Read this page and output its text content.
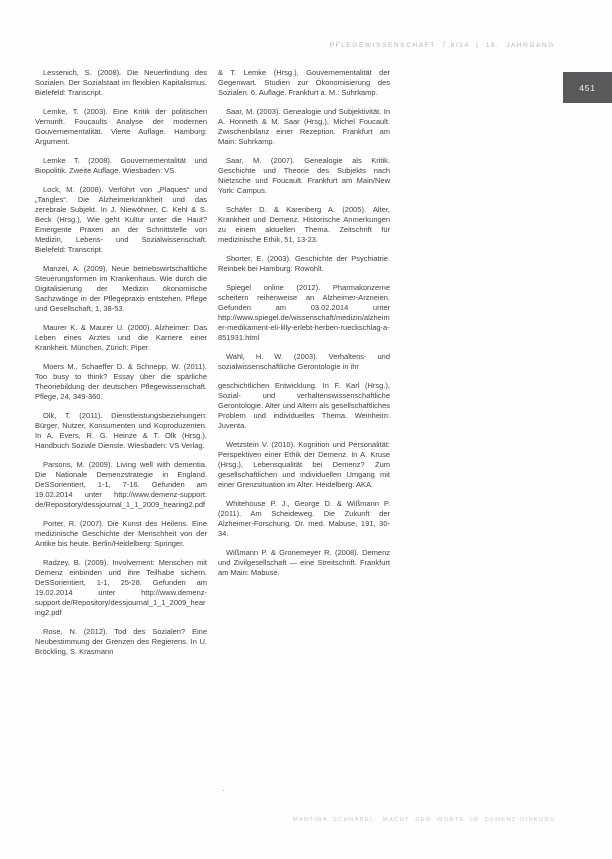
PFLEGEWISSENSCHAFT 7.8/14 | 16. JAHRGANG
451

Lessenich, S. (2008). Die Neuerfindung des Sozialen. Der Sozialstaat im flexiblen Kapitalismus. Bielefeld: Transcript.

Lemke, T. (2003). Eine Kritik der politischen Vernunft. Foucaults Analyse der modernen Gouvernementalität. Vierte Auflage. Hamburg: Argument.

Lemke T. (2008). Gouvernementalität und Biopolitik. Zweite Auflage. Wiesbaden: VS.

Lock, M. (2008). Verführt von „Plaques“ und „Tangles“. Die Alzheimerkrankheit und das zerebrale Subjekt. In J. Niewöhner, C. Kehl & S. Beck (Hrsg.), Wie geht Kultur unter die Haut? Emergente Praxen an der Schnittstelle von Medizin, Lebens- und Sozialwissenschaft. Bielefeld: Transcript.

Manzei, A. (2009). Neue betriebswirtschaftliche Steuerungsformen im Krankenhaus. Wie durch die Digitalisierung der Medizin ökonomische Sachzwänge in der Pflegepraxis entstehen. Pflege und Gesellschaft, 1, 38-53.

Maurer K. & Maurer U. (2000). Alzheimer: Das Leben eines Arztes und die Karriere einer Krankheit. München, Zürich: Piper.

Moers M., Schaeffer D. & Schnepp, W. (2011). Too busy to think? Essay über die spärliche Theoriebildung der deutschen Pflegewissenschaft. Pflege, 24, 349-360.

Olk, T. (2011). Dienstleistungsbeziehungen: Bürger, Nutzer, Konsumenten und Koproduzenten. In A. Evers, R. G. Heinze & T. Olk (Hrsg.), Handbuch Soziale Dienste. Wiesbaden: VS Verlag.

Parsons, M. (2009). Living well with dementia. Die Nationale Demenzstrategie in England. DeSSorientiert, 1-1, 7-16. Gefunden am 19.02.2014 unter http://www.demenz-support. de/Repository/dessjournal_1_1_2009_hearing2.pdf

Porter, R. (2007). Die Kunst des Heilens. Eine medizinische Geschichte der Menschheit von der Antike bis heute. Berlin/Heidelberg: Springer.

Radzey, B. (2009). Involvement: Menschen mit Demenz einbinden und ihre Teilhabe sichern. DeSSorientiert, 1-1, 25-28. Gefunden am 19.02.2014 unter http://www.demenz-support.de/Repository/dessjournal_1_1_2009_hearing2.pdf

Rose, N. (2012). Tod des Sozialen? Eine Neubestimmung der Grenzen des Regierens. In U. Bröckling, S. Krasmann

& T. Lemke (Hrsg.), Gouvernementalität der Gegenwart. Studien zur Ökonomisierung des Sozialen. 6. Auflage. Frankfurt a. M.: Suhrkamp.

Saar, M. (2003). Genealogie und Subjektivität. In A. Honneth & M. Saar (Hrsg.), Michel Foucault. Zwischenbilanz einer Rezeption. Frankfurt am Main: Suhrkamp.

Saar, M. (2007). Genealogie als Kritik. Geschichte und Theorie des Subjekts nach Nietzsche und Foucault. Frankfurt am Main/New York: Campus.

Schäfer D. & Karenberg A. (2005). Alter, Krankheit und Demenz. Historische Anmerkungen zu einem aktuellen Thema. Zeitschrift für medizinische Ethik, 51, 13-23.

Shorter, E. (2003). Geschichte der Psychiatrie. Reinbek bei Hamburg: Rowohlt.

Spiegel online (2012). Pharmakonzerne scheitern reihenweise an Alzheimer-Arzneien. Gefunden am 03.02.2014 unter http://www.spiegel.de/wissenschaft/medizin/alzheimer-medikament-eli-lilly-erlebt-herben-rueckschlag-a-851931.html

Wahl, H. W. (2003). Verhaltens- und sozialwissenschaftliche Gerontologie in ihr

geschichtlichen Entwicklung. In F. Karl (Hrsg.), Sozial- und verhaltenswissenschaftliche Gerontologie. Alter und Altern als gesellschaftliches Problem und individuelles Thema. Weinheim: Juventa.

Wetzstein V. (2010). Kognition und Personalität: Perspektiven einer Ethik der Demenz. In A. Kruse (Hrsg.), Lebensqualität bei Demenz? Zum gesellschaftlichen und individuellen Umgang mit einer Grenzsituation im Alter. Heidelberg: AKA.

Whitehouse P. J., George D. & Wißmann P. (2011). Am Scheideweg. Die Zukunft der Alzheimer-Forschung. Dr. med. Mabuse, 191, 30-34.

Wißmann P. & Gronemeyer R. (2008). Demenz und Zivilgesellschaft — eine Streitschrift. Frankfurt am Main: Mabuse.

.
MARTINA SCHNABEL: MACHT DER WORTE IM DEMENZ-DISKURS
